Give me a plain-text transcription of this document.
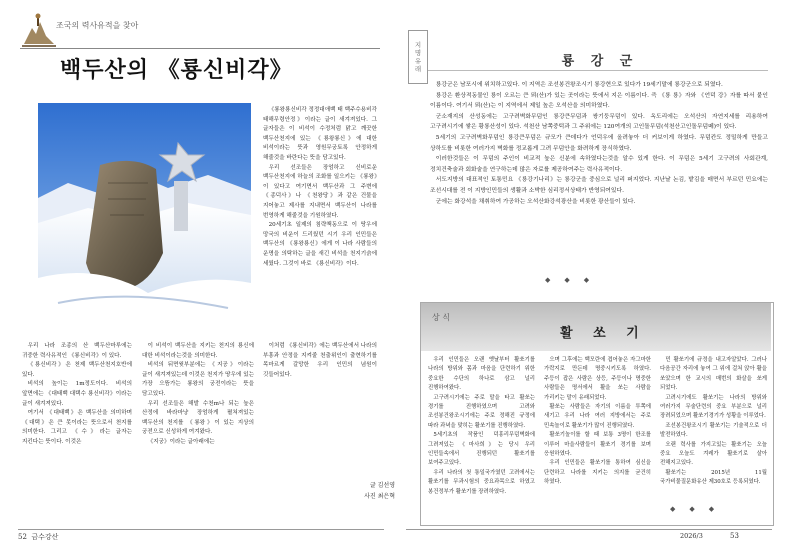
조국의 력사유적을 찾아
백두산의 《룡신비각》

《룡왕룡신비각 정정대애백 태 백주수용비각 태해무령안정》이라는 글이 새겨져있다. 그 글자들은 이 비석이 수정처럼 맑고 깨끗한 백두산천지에 있는 《룡왕룡신》에 대한 비석이라는 뜻과 영원무궁토록 안정하게 해줄것을 바란다는 뜻을 담고있다.

우리 선조들은 장엄하고 신비로운 백두산천지에 하늘의 조화를 일으키는 《룡왕》이 있다고 여기면서 백두산과 그 주변에 《종덕사》나 《천왕당》과 같은 건물을 지어놓고 제사를 지내면서 백두산이 나라를 번영하게 해줄것을 기원하였다.

20세기초 일제의 침략책동으로 이 땅우에 망국의 비운이 드리웠던 시기 우리 인민들은 백두산의 《룡왕룡신》에게 이 나라 사람들의 운명을 의탁하는 글을 새긴 비석을 천지기슭에 세웠다. 그것이 바로 《룡신비각》이다.

우리 나라 조종의 산 백두산마루에는 귀중한 력사유적인 《룡신비각》이 있다.

《룡신비각》은 천제 백두산천지호반에 있다.

비석의 높이는 1m정도이다. 비석의 앞면에는 《대태백 대택수 룡신비각》이라는 글이 새겨져있다.

여기서 《대태백》은 백두산을 의미하며 《대택》은 큰 못이라는 뜻으로서 천지를 의미한다. 그리고 《수》라는 글자는 지킨다는 뜻이다. 이것은

이 비석이 백두산을 지키는 천지의 룡신에 대한 비석이라는것을 의미한다.

비석의 뒤면윗부분에는 《지공》이라는 글이 새겨져있는데 이것은 천지가 땅우에 있는 가장 으뜸가는 룡왕의 궁전이라는 뜻을 담고있다.

우리 선조들은 해발 수천m나 되는 높은 산정에 바라마냥 장엄하게 펼쳐져있는 백두산의 천지를 《룡왕》이 있는 지상의 궁전으로 신성하게 여겨왔다.

《지궁》이라는 글아래에는

이처럼 《룡신비각》에는 백두산에서 나라의 부흥과 안정을 지켜줄 천출위인이 출현하기를 목마르게 갈망한 우리 인민의 념원이 깃들어있다.

글 김선영
사진 최은혁
52 금수강산
지
명
유
래	룡 강 군

룡강군은 남포시에 위치하고있다. 이 지역은 조선봉건왕조시기 룡강현으로 있다가 19세기말에 룡강군으로 되였다.

룡강은 환상적동물인 룡이 오르는 큰 뫼(산)가 있는 곳이라는 뜻에서 지은 이름이다. 즉 《룡 룡》자와 《언덕 강》자를 따서 붙인 이름이다. 여기서 뫼(산)는 이 지역에서 제일 높은 오석산을 의미하였다.

군소재지의 산성동에는 고구려벽화무덤인 룡강큰무덤과 쌍기둥무덤이 있다. 옥도리에는 오석산의 자연지세를 리용하여 고구려시기에 쌓은 황룡산성이 있다. 석천산 남쪽중턱과 그 주위에는 120여개의 고인돌무덤(석천산고인돌무덤떼)이 있다.

5세기의 고구려벽화무덤인 룡강큰무덤은 규모가 큰데다가 언덕우에 올려놓아 더 커보이게 하였다. 무덤칸도 정밀하게 만들고 상하도를 비롯한 여러가지 벽화를 정교롭게 그려 무덤안을 화려하게 장식하였다.

이러한것들은 이 무덤의 주인이 비교적 높은 신분에 속하였다는것을 알수 있게 한다. 이 무덤은 5세기 고구려의 사회관계, 정치건축술과 회화술을 연구하는데 많은 자료를 제공하여주는 력사유적이다.

서도지방의 대표적인 토통민요 《룡강기나리》는 룡강군을 중심으로 널리 퍼지었다. 지난날 논김, 밭김을 매면서 부르던 민요에는 조선시대를 전 이 지방인민들의 생활과 소박한 심리정서상태가 반영되여있다.

군에는 화강석을 채취하여 가공하는 오석산화강석광산을 비롯한 광산들이 있다.

◆◆◆
상 식
활 쏘 기

우리 인민들은 오랜 옛날부터 활쏘기를 나라의 방위와 몸과 마음을 단련하기 위한 중요한 수단의 하나로 삼고 널리 진행하여왔다.

고구려시기에는 주로 말을 타고 활쏘는 경기를 진행하였으며 고려와 조선봉건왕조시기에는 주로 정해진 규정에 따라 과녁을 맞히는 활쏘기를 진행하였다.

5세기초의 작품인 덕흥리무덤벽화에 그려져있는 《마사희》는 당시 우리 인민들속에서 진행되던 활쏘기를 보여주고있다.

우리 나라의 첫 통일국가였던 고려에서는 활쏘기를 무과시험의 중요과목으로 하였고 봉건정부가 활쏘기를 장려하였다.

으며 그후에는 백모란에 겹어놓은 자그마한 가락지로 만든데 명중시키도록 하였다. 주등이 잡은 사람은 상등, 주등이나 명중한 사람들은 명서에서 활을 쏘는 사람을 가리키는 말이 유래되었다.

활쏘는 사람들은 자기의 이름을 투쪽에 새기고 우리 나라 여러 지방에서는 주로 민속놀이로 활쏘기가 많이 진행되였다.

활쏘기놀이를 할 때 보통 3명이 한조를 이루어 마을사람들이 활쏘기 경기를 보며 응원하였다.

우리 인민들은 활쏘기를 통하여 심신을 단련하고 나라를 지키는 의지를 굳건히 하였다.

민 활쏘기에 규정을 내고자알았다. 그러나 다음공간 자리에 놓여 그 위에 걸쳐 앉아 활을 쏘았으며 한 교시의 매번의 화살을 쏘게 되었다.

고려시기에도 활쏘기는 나라의 방위와 여러가지 무술단련의 중요 부분으로 널리 장려되었으며 활쏘기경기가 성황을 이루었다.

조선봉건왕조시기 활쏘기는 기술적으로 더 발전하였다.

오랜 력사를 가지고있는 활쏘기는 오늘 중요 오늘도 겨레가 활쏘기로 살아 전해지고있다.

활쏘기는 2015년 11월 국가비물질문화유산 제30호로 등록되였다.

◆◆◆
2026/3	53
